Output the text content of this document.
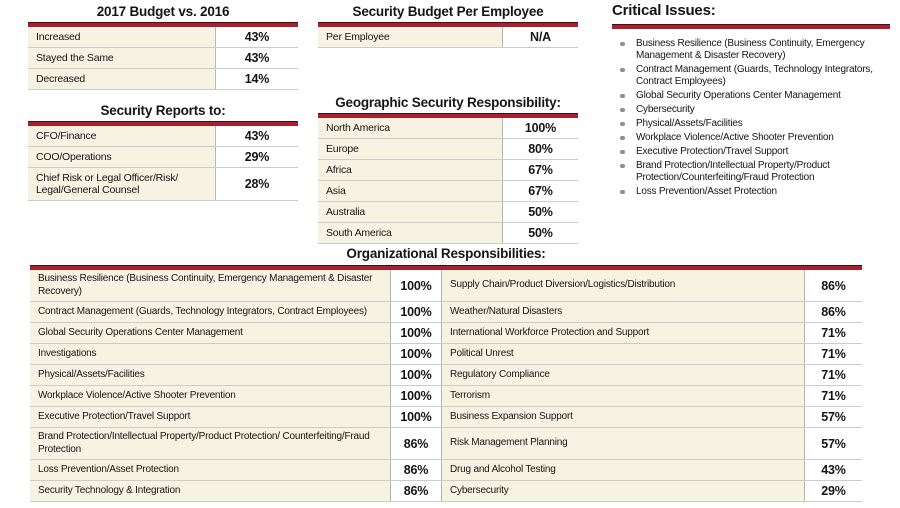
2017 Budget vs. 2016
Increased	43%
Stayed the Same	43%
Decreased	14%
Security Reports to:
CFO/Finance	43%
COO/Operations	29%
Chief Risk or Legal Officer/Risk/ Legal/General Counsel	28%
Security Budget Per Employee
Per Employee	N/A
Geographic Security Responsibility:
North America	100%
Europe	80%
Africa	67%
Asia	67%
Australia	50%
South America	50%
Critical Issues:
Business Resilience (Business Continuity, Emergency Management & Disaster Recovery)
Contract Management (Guards, Technology Integrators, Contract Employees)
Global Security Operations Center Management
Cybersecurity
Physical/Assets/Facilities
Workplace Violence/Active Shooter Prevention
Executive Protection/Travel Support
Brand Protection/Intellectual Property/Product Protection/Counterfeiting/Fraud Protection
Loss Prevention/Asset Protection
Organizational Responsibilities:
Business Resilience (Business Continuity, Emergency Management & Disaster Recovery)	100%	Supply Chain/Product Diversion/Logistics/Distribution	86%
Contract Management (Guards, Technology Integrators, Contract Employees)	100%	Weather/Natural Disasters	86%
Global Security Operations Center Management	100%	International Workforce Protection and Support	71%
Investigations	100%	Political Unrest	71%
Physical/Assets/Facilities	100%	Regulatory Compliance	71%
Workplace Violence/Active Shooter Prevention	100%	Terrorism	71%
Executive Protection/Travel Support	100%	Business Expansion Support	57%
Brand Protection/Intellectual Property/Product Protection/ Counterfeiting/Fraud Protection	86%	Risk Management Planning	57%
Loss Prevention/Asset Protection	86%	Drug and Alcohol Testing	43%
Security Technology & Integration	86%	Cybersecurity	29%
